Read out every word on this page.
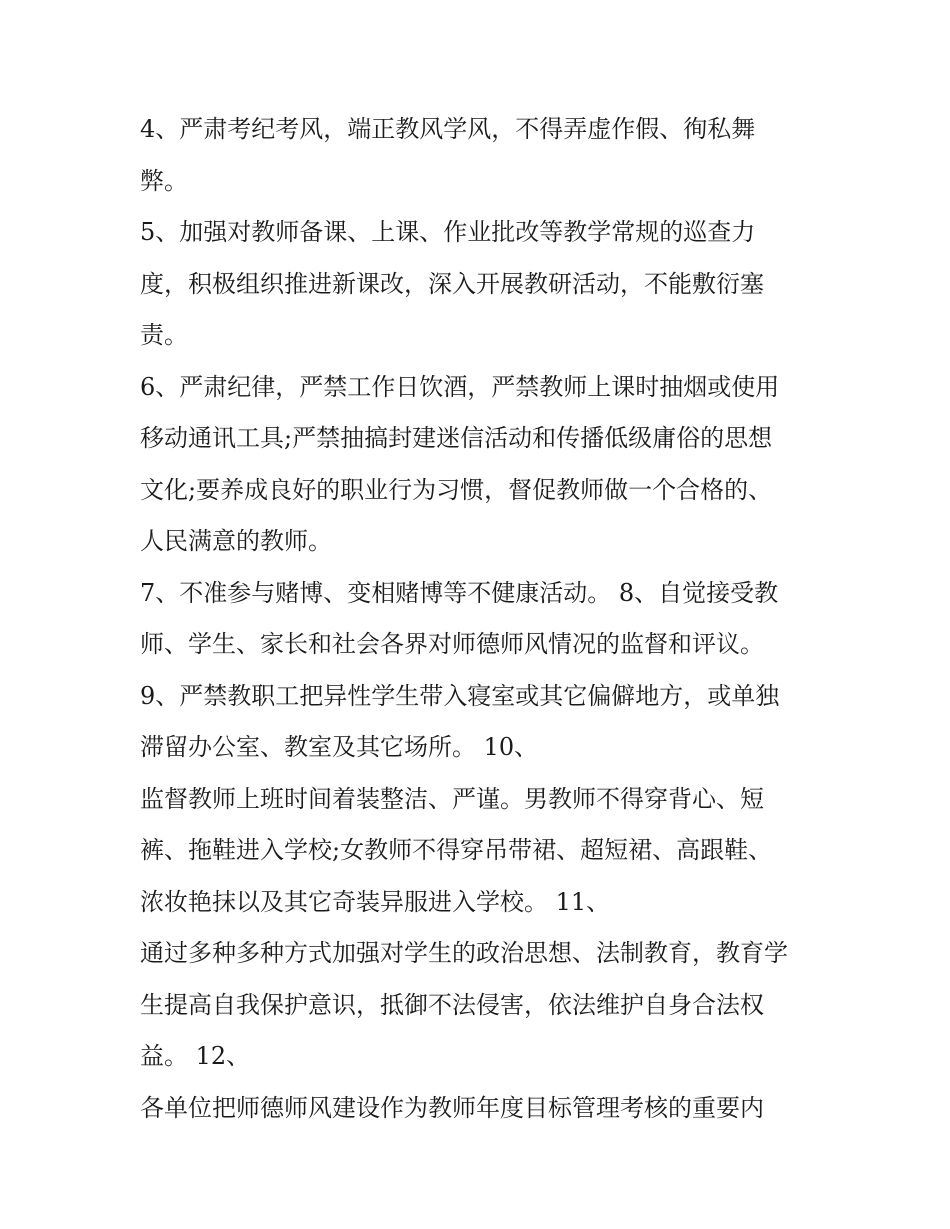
4、严肃考纪考风，端正教风学风，不得弄虚作假、徇私舞
弊。
5、加强对教师备课、上课、作业批改等教学常规的巡查力
度，积极组织推进新课改，深入开展教研活动，不能敷衍塞
责。
6、严肃纪律，严禁工作日饮酒，严禁教师上课时抽烟或使用
移动通讯工具;严禁抽搞封建迷信活动和传播低级庸俗的思想
文化;要养成良好的职业行为习惯，督促教师做一个合格的、
人民满意的教师。
7、不准参与赌博、变相赌博等不健康活动。 8、自觉接受教
师、学生、家长和社会各界对师德师风情况的监督和评议。
9、严禁教职工把异性学生带入寝室或其它偏僻地方，或单独
滞留办公室、教室及其它场所。 10、
监督教师上班时间着装整洁、严谨。男教师不得穿背心、短
裤、拖鞋进入学校;女教师不得穿吊带裙、超短裙、高跟鞋、
浓妆艳抹以及其它奇装异服进入学校。 11、
通过多种多种方式加强对学生的政治思想、法制教育，教育学
生提高自我保护意识，抵御不法侵害，依法维护自身合法权
益。 12、
各单位把师德师风建设作为教师年度目标管理考核的重要内
